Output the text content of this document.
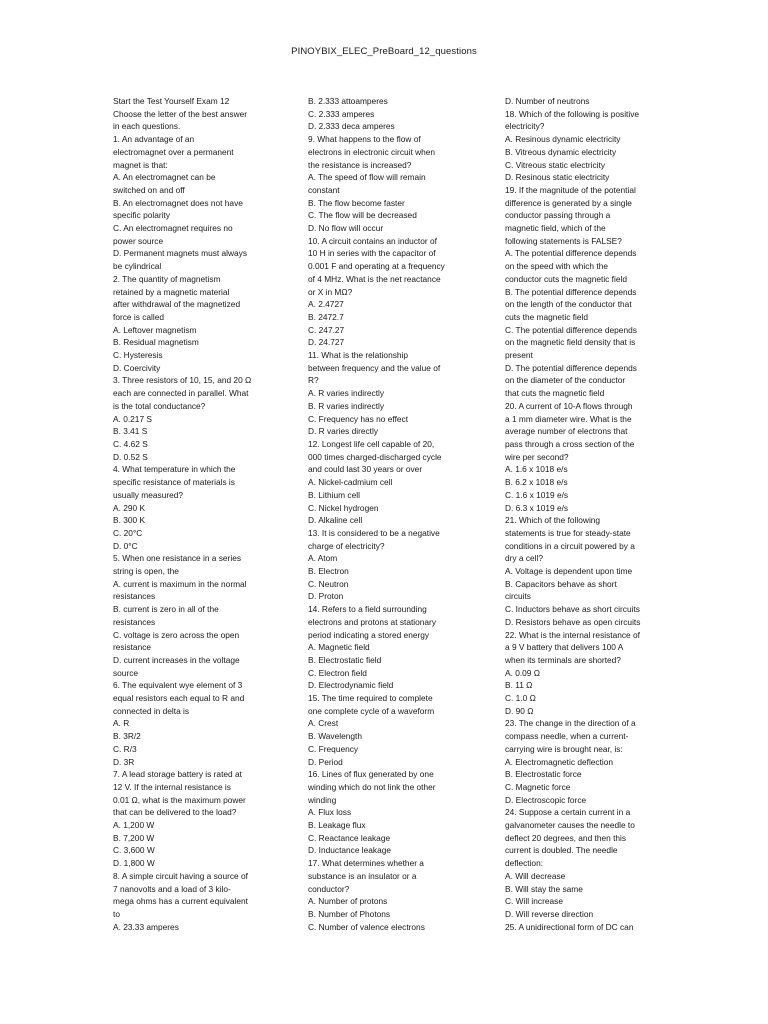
PINOYBIX_ELEC_PreBoard_12_questions
Start the Test Yourself Exam 12
Choose the letter of the best answer
in each questions.
1. An advantage of an
electromagnet over a permanent
magnet is that:
A. An electromagnet can be
switched on and off
B. An electromagnet does not have
specific polarity
C. An electromagnet requires no
power source
D. Permanent magnets must always
be cylindrical
2. The quantity of magnetism
retained by a magnetic material
after withdrawal of the magnetized
force is called
A. Leftover magnetism
B. Residual magnetism
C. Hysteresis
D. Coercivity
3. Three resistors of 10, 15, and 20 Ω
each are connected in parallel. What
is the total conductance?
A. 0.217 S
B. 3.41 S
C. 4.62 S
D. 0.52 S
4. What temperature in which the
specific resistance of materials is
usually measured?
A. 290 K
B. 300 K
C. 20°C
D. 0°C
5. When one resistance in a series
string is open, the
A. current is maximum in the normal
resistances
B. current is zero in all of the
resistances
C. voltage is zero across the open
resistance
D. current increases in the voltage
source
6. The equivalent wye element of 3
equal resistors each equal to R and
connected in delta is
A. R
B. 3R/2
C. R/3
D. 3R
7. A lead storage battery is rated at
12 V. If the internal resistance is
0.01 Ω, what is the maximum power
that can be delivered to the load?
A. 1,200 W
B. 7,200 W
C. 3,600 W
D. 1,800 W
8. A simple circuit having a source of
7 nanovolts and a load of 3 kilo-
mega ohms has a current equivalent
to
A. 23.33 amperes
B. 2.333 attoamperes
C. 2.333 amperes
D. 2.333 deca amperes
9. What happens to the flow of
electrons in electronic circuit when
the resistance is increased?
A. The speed of flow will remain
constant
B. The flow become faster
C. The flow will be decreased
D. No flow will occur
10. A circuit contains an inductor of
10 H in series with the capacitor of
0.001 F and operating at a frequency
of 4 MHz. What is the net reactance
or X in MΩ?
A. 2.4727
B. 2472.7
C. 247.27
D. 24.727
11. What is the relationship
between frequency and the value of
R?
A. R varies indirectly
B. R varies indirectly
C. Frequency has no effect
D. R varies directly
12. Longest life cell capable of 20,
000 times charged-discharged cycle
and could last 30 years or over
A. Nickel-cadmium cell
B. Lithium cell
C. Nickel hydrogen
D. Alkaline cell
13. It is considered to be a negative
charge of electricity?
A. Atom
B. Electron
C. Neutron
D. Proton
14. Refers to a field surrounding
electrons and protons at stationary
period indicating a stored energy
A. Magnetic field
B. Electrostatic field
C. Electron field
D. Electrodynamic field
15. The time required to complete
one complete cycle of a waveform
A. Crest
B. Wavelength
C. Frequency
D. Period
16. Lines of flux generated by one
winding which do not link the other
winding
A. Flux loss
B. Leakage flux
C. Reactance leakage
D. Inductance leakage
17. What determines whether a
substance is an insulator or a
conductor?
A. Number of protons
B. Number of Photons
C. Number of valence electrons
D. Number of neutrons
18. Which of the following is positive
electricity?
A. Resinous dynamic electricity
B. Vitreous dynamic electricity
C. Vitreous static electricity
D. Resinous static electricity
19. If the magnitude of the potential
difference is generated by a single
conductor passing through a
magnetic field, which of the
following statements is FALSE?
A. The potential difference depends
on the speed with which the
conductor cuts the magnetic field
B. The potential difference depends
on the length of the conductor that
cuts the magnetic field
C. The potential difference depends
on the magnetic field density that is
present
D. The potential difference depends
on the diameter of the conductor
that cuts the magnetic field
20. A current of 10-A flows through
a 1 mm diameter wire. What is the
average number of electrons that
pass through a cross section of the
wire per second?
A. 1.6 x 1018 e/s
B. 6.2 x 1018 e/s
C. 1.6 x 1019 e/s
D. 6.3 x 1019 e/s
21. Which of the following
statements is true for steady-state
conditions in a circuit powered by a
dry a cell?
A. Voltage is dependent upon time
B. Capacitors behave as short
circuits
C. Inductors behave as short circuits
D. Resistors behave as open circuits
22. What is the internal resistance of
a 9 V battery that delivers 100 A
when its terminals are shorted?
A. 0.09 Ω
B. 11 Ω
C. 1.0 Ω
D. 90 Ω
23. The change in the direction of a
compass needle, when a current-
carrying wire is brought near, is:
A. Electromagnetic deflection
B. Electrostatic force
C. Magnetic force
D. Electroscopic force
24. Suppose a certain current in a
galvanometer causes the needle to
deflect 20 degrees, and then this
current is doubled. The needle
deflection:
A. Will decrease
B. Will stay the same
C. Will increase
D. Will reverse direction
25. A unidirectional form of DC can
